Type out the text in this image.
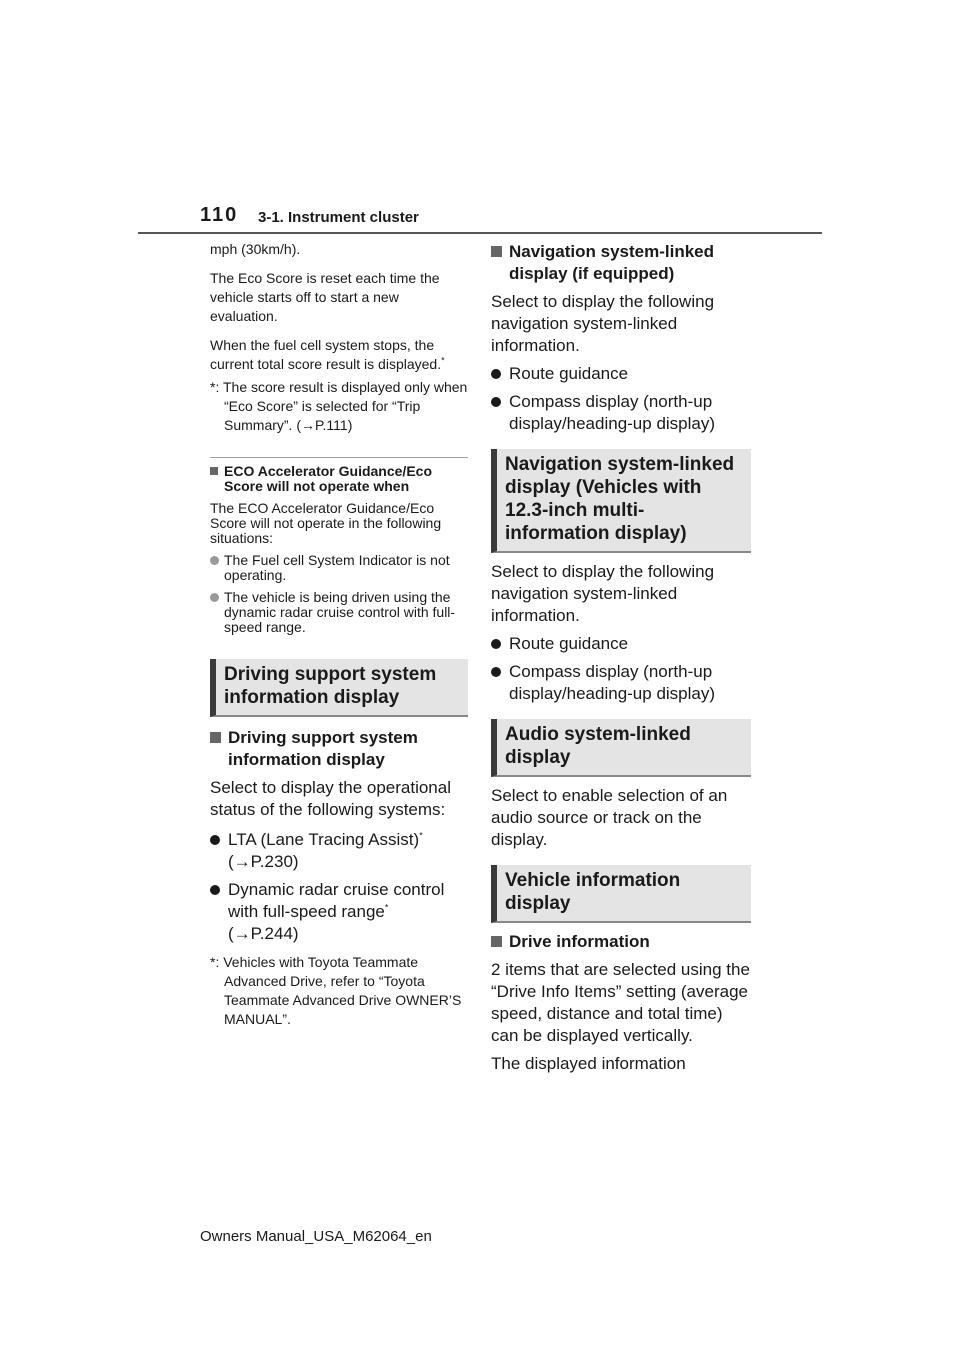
110 3-1. Instrument cluster

mph (30km/h).

The Eco Score is reset each time the vehicle starts off to start a new evaluation.

When the fuel cell system stops, the current total score result is displayed.*

*: The score result is displayed only when “Eco Score” is selected for “Trip Summary”. (→P.111)

ECO Accelerator Guidance/Eco Score will not operate when

The ECO Accelerator Guidance/Eco Score will not operate in the following situations:

The Fuel cell System Indicator is not operating.

The vehicle is being driven using the dynamic radar cruise control with full-speed range.

Driving support system information display

Driving support system information display

Select to display the operational status of the following systems:

LTA (Lane Tracing Assist)*
(→P.230)

Dynamic radar cruise control with full-speed range*
(→P.244)

*: Vehicles with Toyota Teammate Advanced Drive, refer to “Toyota Teammate Advanced Drive OWNER’S MANUAL”.

Navigation system-linked display (if equipped)

Select to display the following navigation system-linked information.

Route guidance

Compass display (north-up display/heading-up display)

Navigation system-linked display (Vehicles with 12.3-inch multi-information display)

Select to display the following navigation system-linked information.

Route guidance

Compass display (north-up display/heading-up display)

Audio system-linked display

Select to enable selection of an audio source or track on the display.

Vehicle information display

Drive information

2 items that are selected using the “Drive Info Items” setting (average speed, distance and total time) can be displayed vertically.

The displayed information

Owners Manual_USA_M62064_en
